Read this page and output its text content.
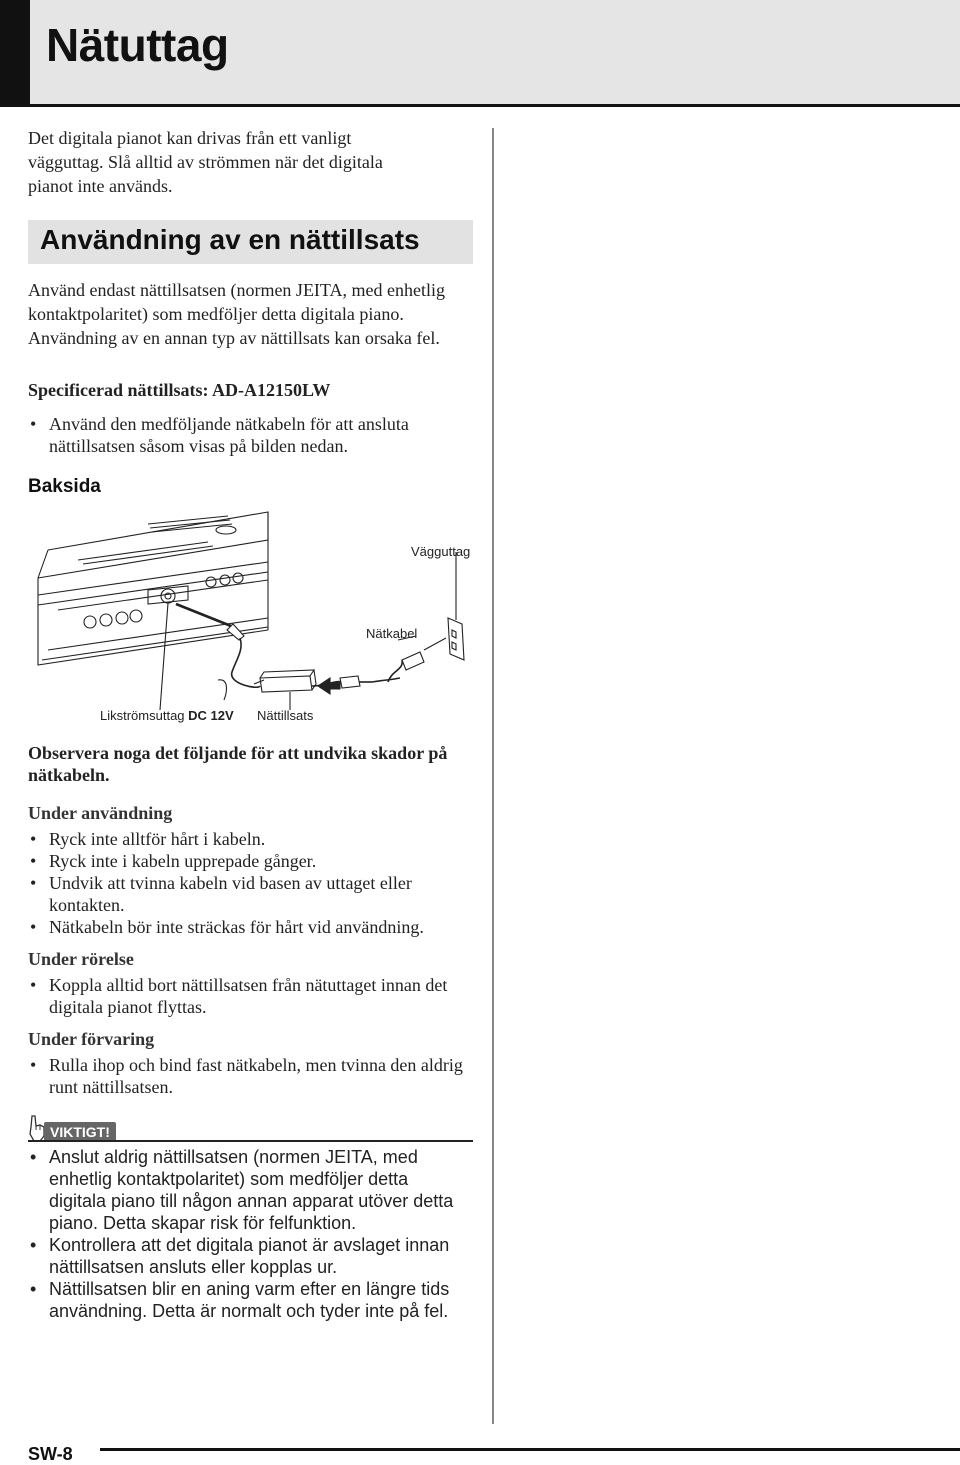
Nätuttag

Det digitala pianot kan drivas från ett vanligt vägguttag. Slå alltid av strömmen när det digitala pianot inte används.

Användning av en nättillsats

Använd endast nättillsatsen (normen JEITA, med enhetlig kontaktpolaritet) som medföljer detta digitala piano. Användning av en annan typ av nättillsats kan orsaka fel.

Specificerad nättillsats: AD-A12150LW

• Använd den medföljande nätkabeln för att ansluta nättillsatsen såsom visas på bilden nedan.

Baksida

Vägguttag
Nätkabel
Likströmsuttag DC 12V Nättillsats

Observera noga det följande för att undvika skador på nätkabeln.

Under användning

• Ryck inte alltför hårt i kabeln.
• Ryck inte i kabeln upprepade gånger.
• Undvik att tvinna kabeln vid basen av uttaget eller kontakten.
• Nätkabeln bör inte sträckas för hårt vid användning.

Under rörelse

• Koppla alltid bort nättillsatsen från nätuttaget innan det digitala pianot flyttas.

Under förvaring

• Rulla ihop och bind fast nätkabeln, men tvinna den aldrig runt nättillsatsen.
VIKTIGT!
• Anslut aldrig nättillsatsen (normen JEITA, med enhetlig kontaktpolaritet) som medföljer detta digitala piano till någon annan apparat utöver detta piano. Detta skapar risk för felfunktion.
• Kontrollera att det digitala pianot är avslaget innan nättillsatsen ansluts eller kopplas ur.
• Nättillsatsen blir en aning varm efter en längre tids användning. Detta är normalt och tyder inte på fel.

SW-8
